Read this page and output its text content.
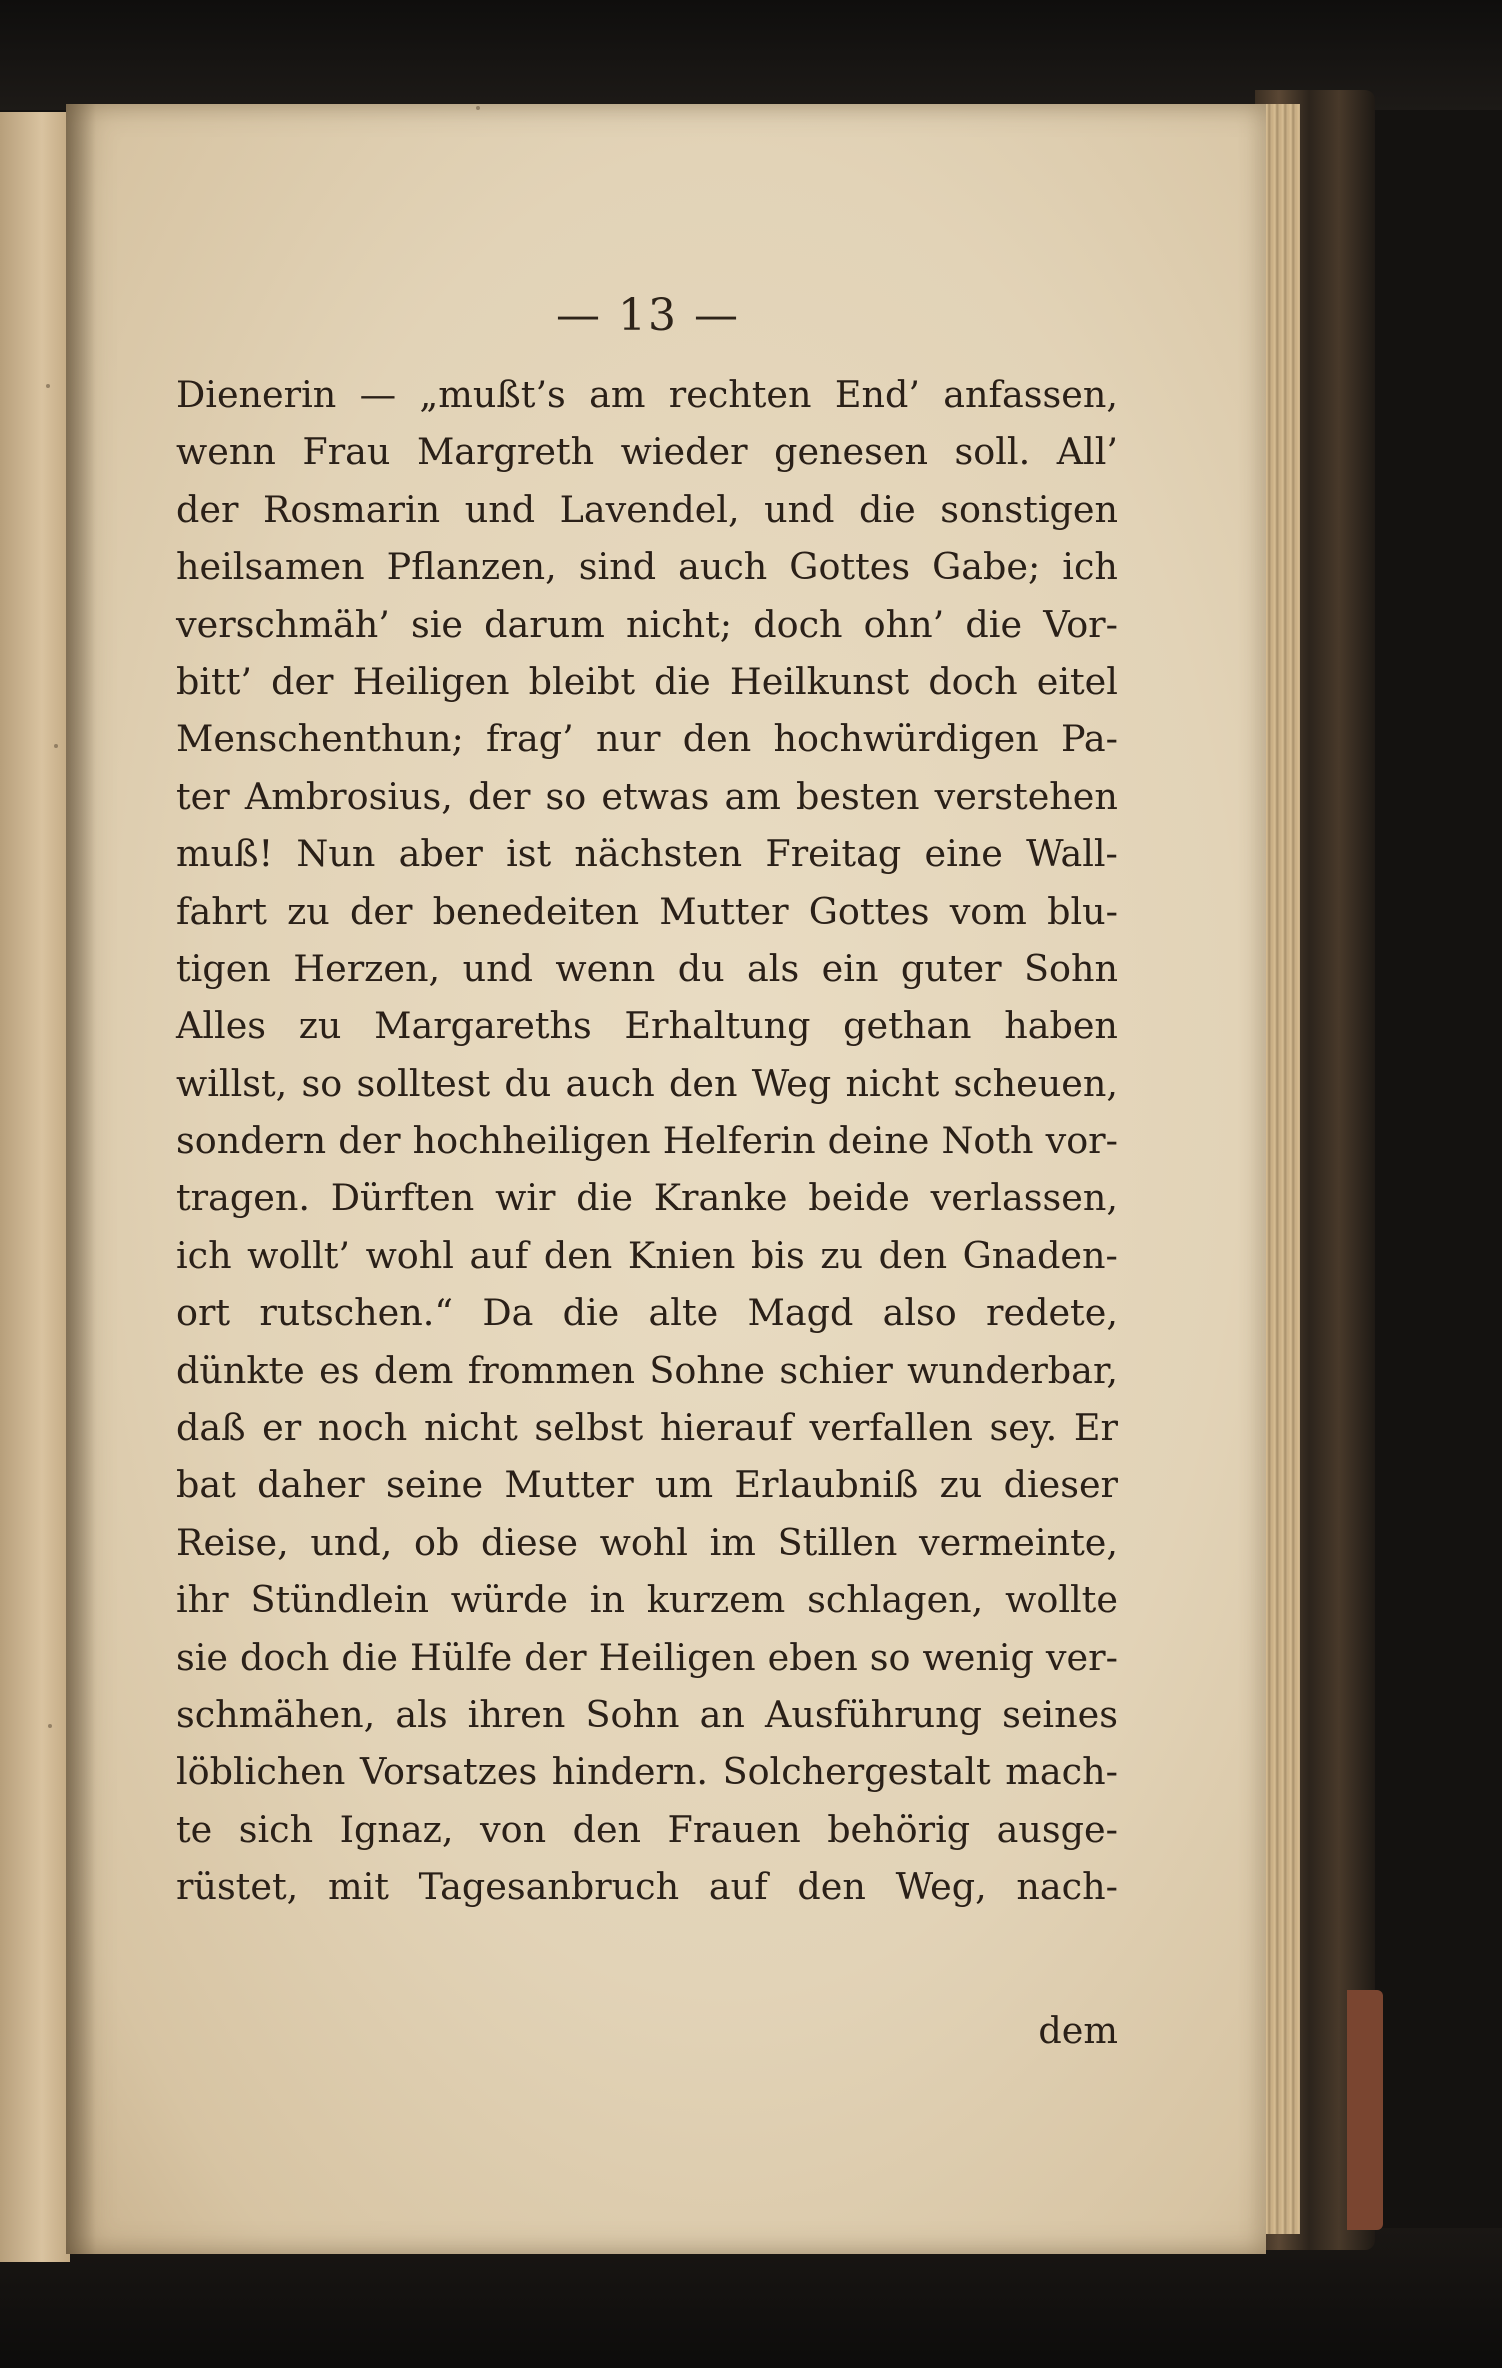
— 13 —
Dienerin — „mußt’s am rechten End’ anfassen,
wenn Frau Margreth wieder genesen soll. All’
der Rosmarin und Lavendel, und die sonstigen
heilsamen Pflanzen, sind auch Gottes Gabe; ich
verschmäh’ sie darum nicht; doch ohn’ die Vor-
bitt’ der Heiligen bleibt die Heilkunst doch eitel
Menschenthun; frag’ nur den hochwürdigen Pa-
ter Ambrosius, der so etwas am besten verstehen
muß! Nun aber ist nächsten Freitag eine Wall-
fahrt zu der benedeiten Mutter Gottes vom blu-
tigen Herzen, und wenn du als ein guter Sohn
Alles zu Margareths Erhaltung gethan haben
willst, so solltest du auch den Weg nicht scheuen,
sondern der hochheiligen Helferin deine Noth vor-
tragen. Dürften wir die Kranke beide verlassen,
ich wollt’ wohl auf den Knien bis zu den Gnaden-
ort rutschen.“ Da die alte Magd also redete,
dünkte es dem frommen Sohne schier wunderbar,
daß er noch nicht selbst hierauf verfallen sey. Er
bat daher seine Mutter um Erlaubniß zu dieser
Reise, und, ob diese wohl im Stillen vermeinte,
ihr Stündlein würde in kurzem schlagen, wollte
sie doch die Hülfe der Heiligen eben so wenig ver-
schmähen, als ihren Sohn an Ausführung seines
löblichen Vorsatzes hindern. Solchergestalt mach-
te sich Ignaz, von den Frauen behörig ausge-
rüstet, mit Tagesanbruch auf den Weg, nach-
dem
